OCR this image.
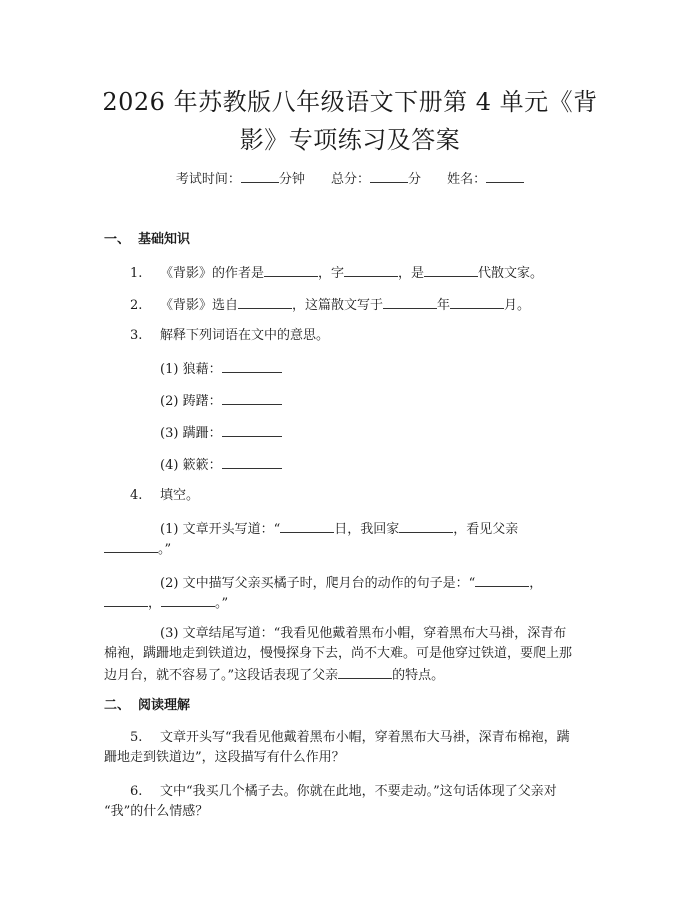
2026 年苏教版八年级语文下册第 4 单元《背
影》专项练习及答案
考试时间：	分钟 总分：	分 姓名：
一、 基础知识
1. 《背影》的作者是	，字	，是	代散文家。
2. 《背影》选自	，这篇散文写于	年	月。
3. 解释下列词语在文中的意思。
(1) 狼藉：
(2) 踌躇：
(3) 蹒跚：
(4) 簌簌：
4. 填空。
(1) 文章开头写道：“	日，我回家	，看见父亲
。”
(2) 文中描写父亲买橘子时，爬月台的动作的句子是：“	，
，	。”
(3) 文章结尾写道：“我看见他戴着黑布小帽，穿着黑布大马褂，深青布
棉袍，蹒跚地走到铁道边，慢慢探身下去，尚不大难。可是他穿过铁道，要爬上那
边月台，就不容易了。”这段话表现了父亲	的特点。
二、 阅读理解
5. 文章开头写“我看见他戴着黑布小帽，穿着黑布大马褂，深青布棉袍，蹒
跚地走到铁道边”，这段描写有什么作用？
6. 文中“我买几个橘子去。你就在此地，不要走动。”这句话体现了父亲对
“我”的什么情感？
